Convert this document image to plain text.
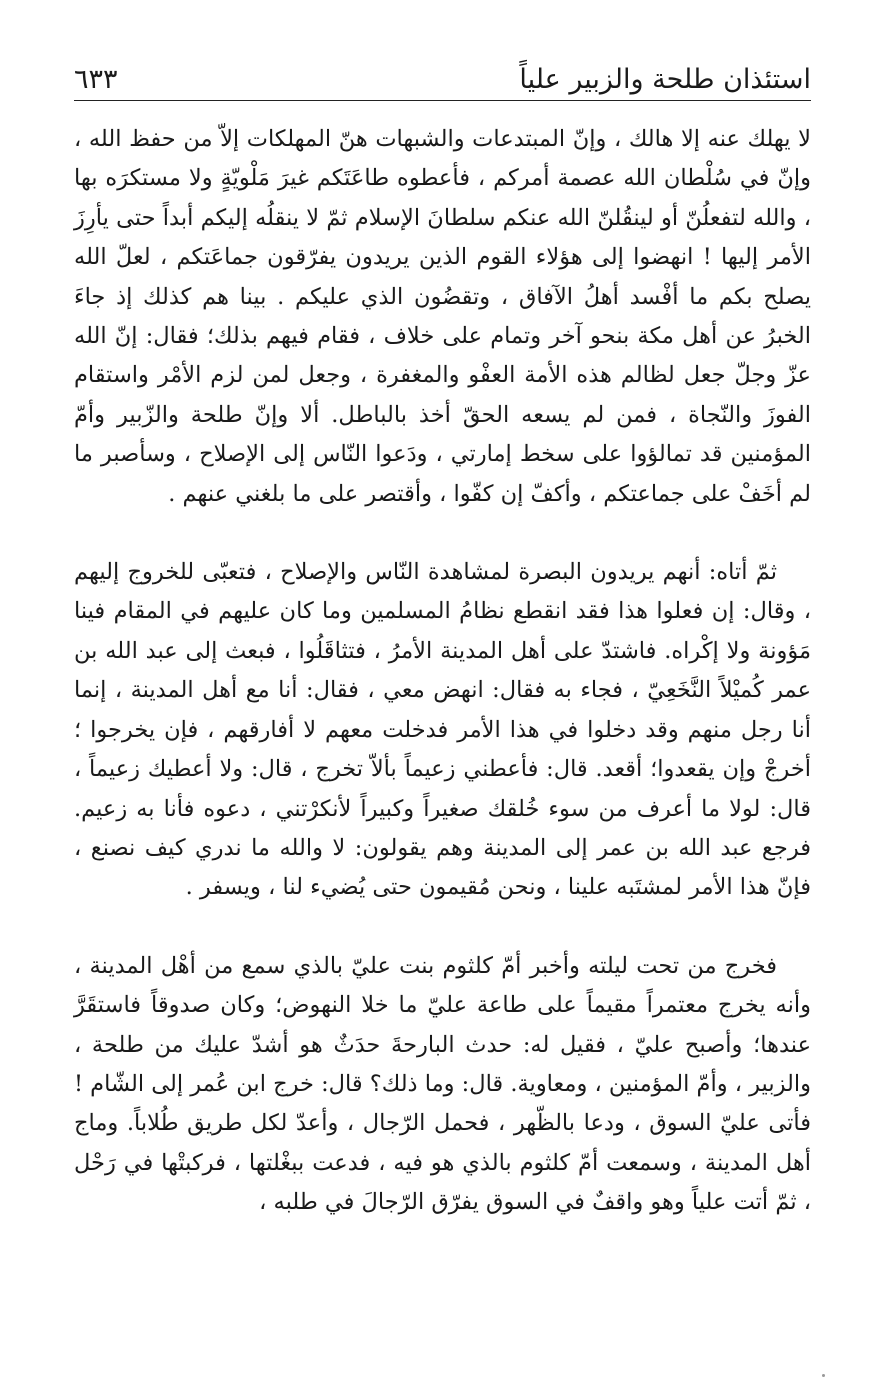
استئذان طلحة والزبير علياً
٦٣٣

لا يهلك عنه إلا هالك ، وإنّ المبتدعات والشبهات هنّ المهلكات إلاّ من حفظ الله ، وإنّ في سُلْطان الله عصمة أمركم ، فأعطوه طاعَتَكم غيرَ مَلْويّةٍ ولا مستكرَه بها ، والله لتفعلُنّ أو لينقُلنّ الله عنكم سلطانَ الإسلام ثمّ لا ينقلُه إليكم أبداً حتى يأرِزَ الأمر إليها ! انهضوا إلى هؤلاء القوم الذين يريدون يفرّقون جماعَتكم ، لعلّ الله يصلح بكم ما أفْسد أهلُ الآفاق ، وتقضُون الذي عليكم . بينا هم كذلك إذ جاءَ الخبرُ عن أهل مكة بنحو آخر وتمام على خلاف ، فقام فيهم بذلك؛ فقال: إنّ الله عزّ وجلّ جعل لظالم هذه الأمة العفْو والمغفرة ، وجعل لمن لزم الأمْر واستقام الفوزَ والنّجاة ، فمن لم يسعه الحقّ أخذ بالباطل. ألا وإنّ طلحة والزّبير وأمّ المؤمنين قد تمالؤوا على سخط إمارتي ، ودَعوا النّاس إلى الإصلاح ، وسأصبر ما لم أخَفْ على جماعتكم ، وأكفّ إن كفّوا ، وأقتصر على ما بلغني عنهم .

ثمّ أتاه: أنهم يريدون البصرة لمشاهدة النّاس والإصلاح ، فتعبّى للخروج إليهم ، وقال: إن فعلوا هذا فقد انقطع نظامُ المسلمين وما كان عليهم في المقام فينا مَؤونة ولا إكْراه. فاشتدّ على أهل المدينة الأمرُ ، فتثاقَلُوا ، فبعث إلى عبد الله بن عمر كُميْلاً النَّخَعِيّ ، فجاء به فقال: انهض معي ، فقال: أنا مع أهل المدينة ، إنما أنا رجل منهم وقد دخلوا في هذا الأمر فدخلت معهم لا أفارقهم ، فإن يخرجوا ؛ أخرجْ وإن يقعدوا؛ أقعد. قال: فأعطني زعيماً بألاّ تخرج ، قال: ولا أعطيك زعيماً ، قال: لولا ما أعرف من سوء خُلقك صغيراً وكبيراً لأنكرْتني ، دعوه فأنا به زعيم. فرجع عبد الله بن عمر إلى المدينة وهم يقولون: لا والله ما ندري كيف نصنع ، فإنّ هذا الأمر لمشتَبه علينا ، ونحن مُقيمون حتى يُضيء لنا ، ويسفر .

فخرج من تحت ليلته وأخبر أمّ كلثوم بنت عليّ بالذي سمع من أهْل المدينة ، وأنه يخرج معتمراً مقيماً على طاعة عليّ ما خلا النهوض؛ وكان صدوقاً فاستقَرَّ عندها؛ وأصبح عليّ ، فقيل له: حدث البارحةَ حدَثٌ هو أشدّ عليك من طلحة ، والزبير ، وأمّ المؤمنين ، ومعاوية. قال: وما ذلك؟ قال: خرج ابن عُمر إلى الشّام ! فأتى عليّ السوق ، ودعا بالظّهر ، فحمل الرّجال ، وأعدّ لكل طريق طُلاباً. وماج أهل المدينة ، وسمعت أمّ كلثوم بالذي هو فيه ، فدعت ببغْلتها ، فركبتْها في رَحْل ، ثمّ أتت علياً وهو واقفٌ في السوق يفرّق الرّجالَ في طلبه ،
